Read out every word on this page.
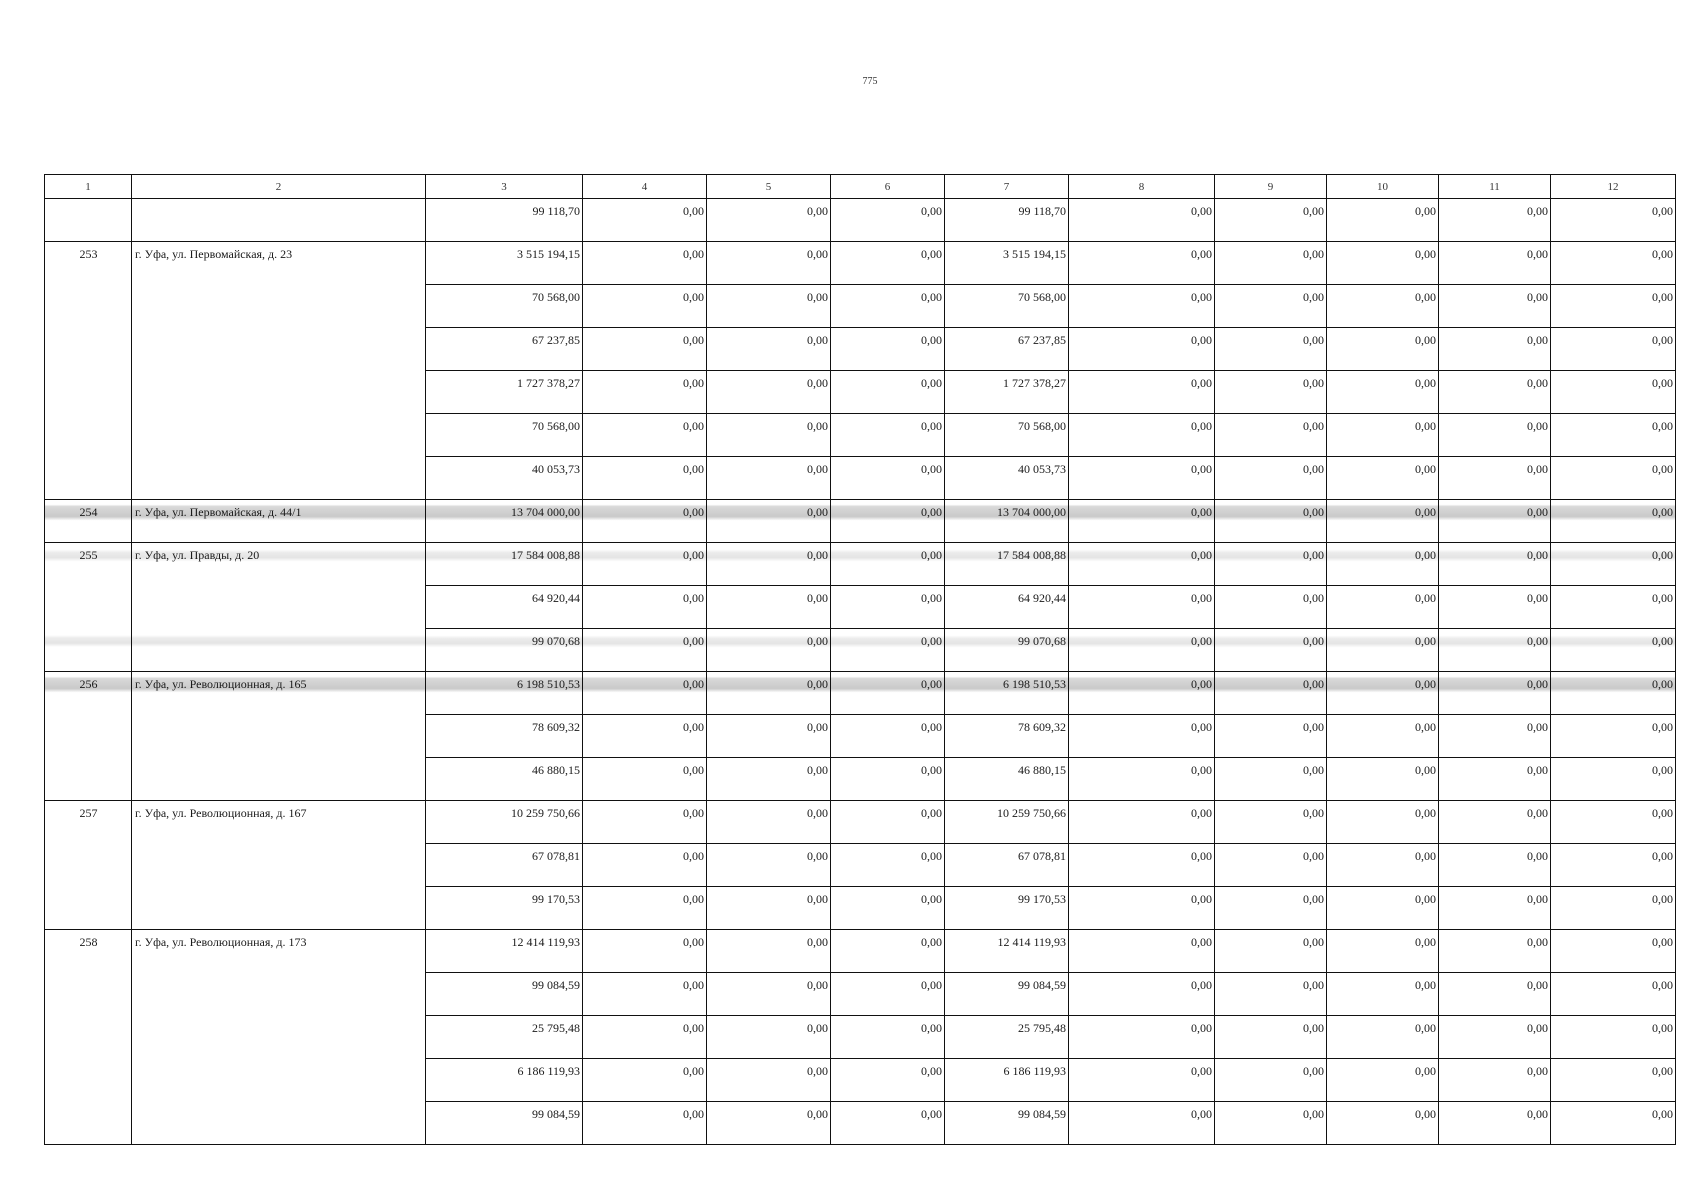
775
1	2	3	4	5	6	7	8	9	10	11	12

		99 118,70	0,00	0,00	0,00	99 118,70	0,00	0,00	0,00	0,00	0,00

253	г. Уфа, ул. Первомайская, д. 23	3 515 194,15	0,00	0,00	0,00	3 515 194,15	0,00	0,00	0,00	0,00	0,00

		70 568,00	0,00	0,00	0,00	70 568,00	0,00	0,00	0,00	0,00	0,00

		67 237,85	0,00	0,00	0,00	67 237,85	0,00	0,00	0,00	0,00	0,00

		1 727 378,27	0,00	0,00	0,00	1 727 378,27	0,00	0,00	0,00	0,00	0,00

		70 568,00	0,00	0,00	0,00	70 568,00	0,00	0,00	0,00	0,00	0,00

		40 053,73	0,00	0,00	0,00	40 053,73	0,00	0,00	0,00	0,00	0,00

254	г. Уфа, ул. Первомайская, д. 44/1	13 704 000,00	0,00	0,00	0,00	13 704 000,00	0,00	0,00	0,00	0,00	0,00

255	г. Уфа, ул. Правды, д. 20	17 584 008,88	0,00	0,00	0,00	17 584 008,88	0,00	0,00	0,00	0,00	0,00

		64 920,44	0,00	0,00	0,00	64 920,44	0,00	0,00	0,00	0,00	0,00

		99 070,68	0,00	0,00	0,00	99 070,68	0,00	0,00	0,00	0,00	0,00

256	г. Уфа, ул. Революционная, д. 165	6 198 510,53	0,00	0,00	0,00	6 198 510,53	0,00	0,00	0,00	0,00	0,00

		78 609,32	0,00	0,00	0,00	78 609,32	0,00	0,00	0,00	0,00	0,00

		46 880,15	0,00	0,00	0,00	46 880,15	0,00	0,00	0,00	0,00	0,00

257	г. Уфа, ул. Революционная, д. 167	10 259 750,66	0,00	0,00	0,00	10 259 750,66	0,00	0,00	0,00	0,00	0,00

		67 078,81	0,00	0,00	0,00	67 078,81	0,00	0,00	0,00	0,00	0,00

		99 170,53	0,00	0,00	0,00	99 170,53	0,00	0,00	0,00	0,00	0,00

258	г. Уфа, ул. Революционная, д. 173	12 414 119,93	0,00	0,00	0,00	12 414 119,93	0,00	0,00	0,00	0,00	0,00

		99 084,59	0,00	0,00	0,00	99 084,59	0,00	0,00	0,00	0,00	0,00

		25 795,48	0,00	0,00	0,00	25 795,48	0,00	0,00	0,00	0,00	0,00

		6 186 119,93	0,00	0,00	0,00	6 186 119,93	0,00	0,00	0,00	0,00	0,00

		99 084,59	0,00	0,00	0,00	99 084,59	0,00	0,00	0,00	0,00	0,00
